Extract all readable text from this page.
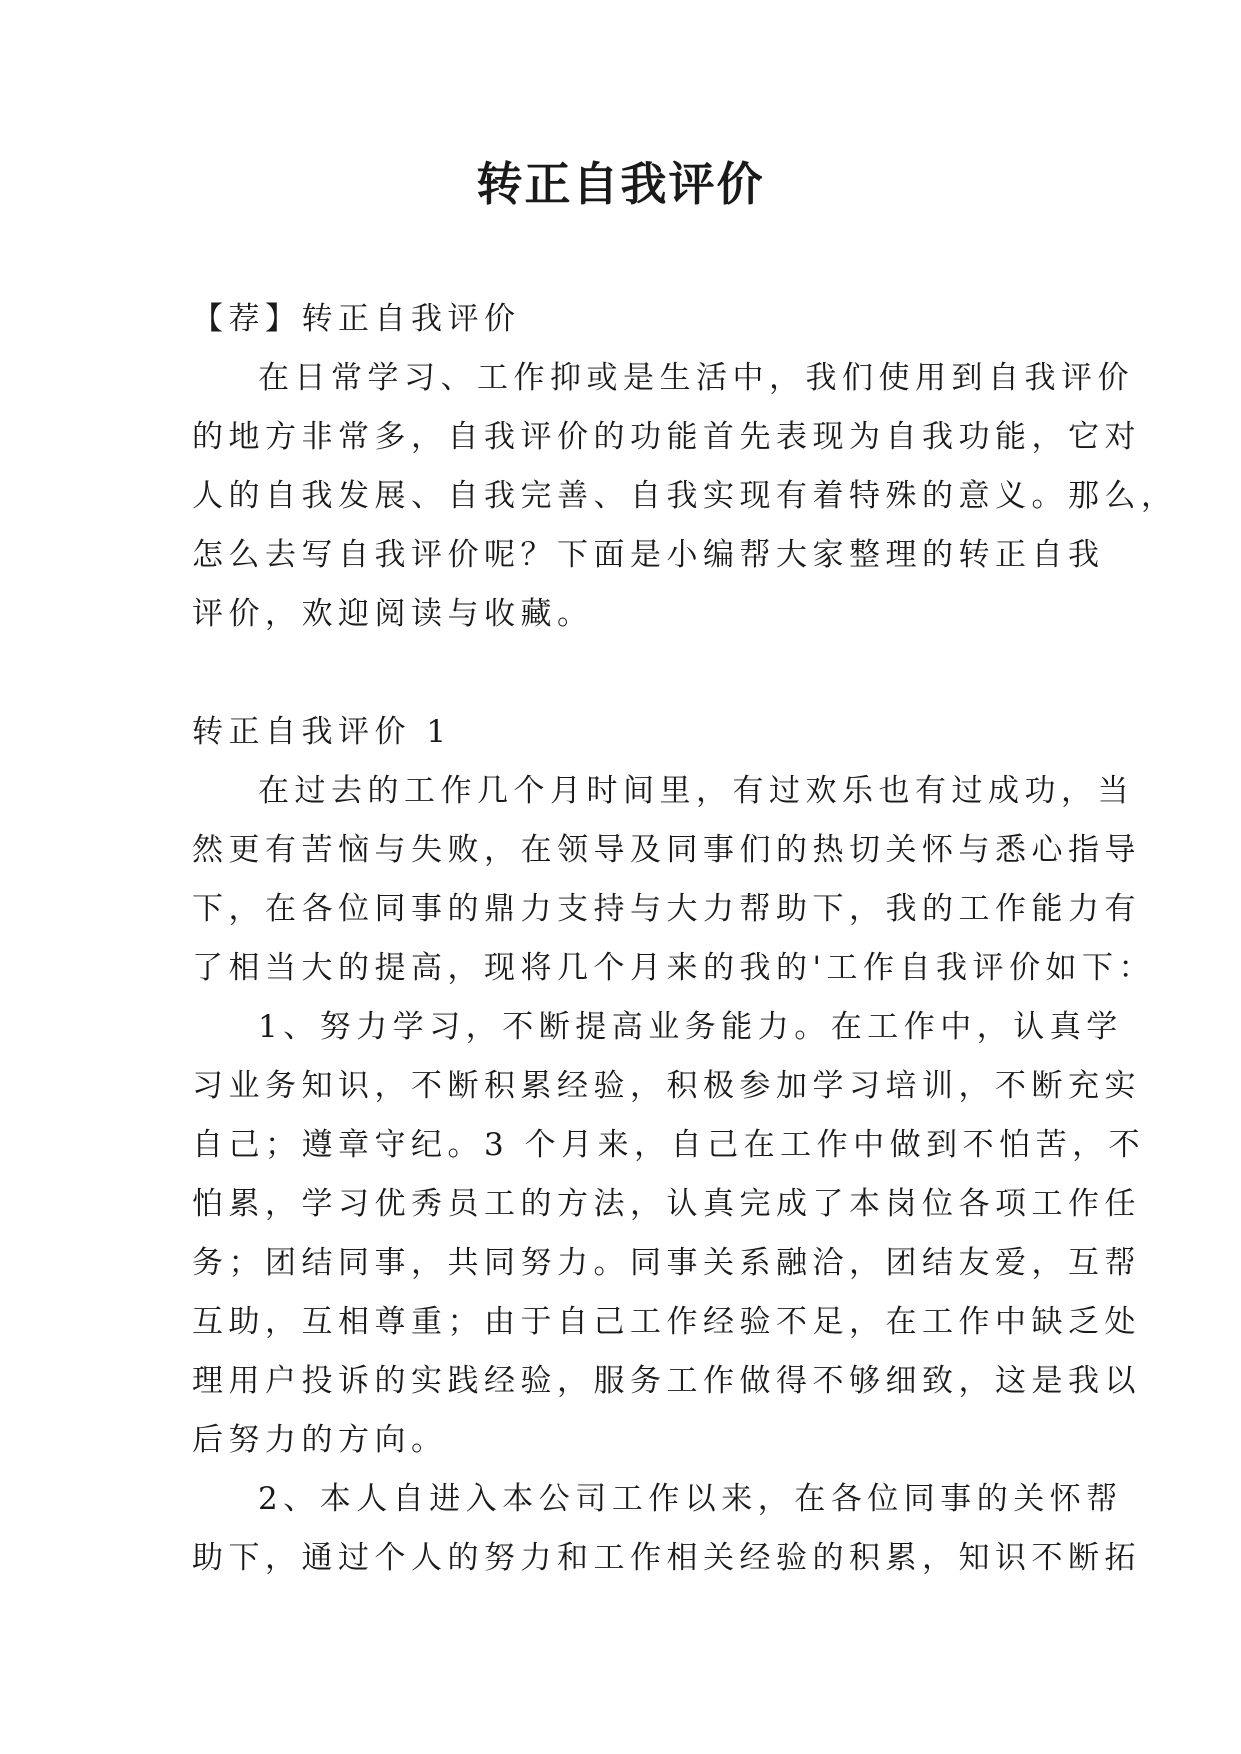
转正自我评价
【荐】转正自我评价
在日常学习、工作抑或是生活中，我们使用到自我评价
的地方非常多，自我评价的功能首先表现为自我功能，它对
人的自我发展、自我完善、自我实现有着特殊的意义。那么，
怎么去写自我评价呢？下面是小编帮大家整理的转正自我
评价，欢迎阅读与收藏。
转正自我评价 1
在过去的工作几个月时间里，有过欢乐也有过成功，当
然更有苦恼与失败，在领导及同事们的热切关怀与悉心指导
下，在各位同事的鼎力支持与大力帮助下，我的工作能力有
了相当大的提高，现将几个月来的我的'工作自我评价如下：
1、努力学习，不断提高业务能力。在工作中，认真学
习业务知识，不断积累经验，积极参加学习培训，不断充实
自己；遵章守纪。3 个月来，自己在工作中做到不怕苦，不
怕累，学习优秀员工的方法，认真完成了本岗位各项工作任
务；团结同事，共同努力。同事关系融洽，团结友爱，互帮
互助，互相尊重；由于自己工作经验不足，在工作中缺乏处
理用户投诉的实践经验，服务工作做得不够细致，这是我以
后努力的方向。
2、本人自进入本公司工作以来，在各位同事的关怀帮
助下，通过个人的努力和工作相关经验的积累，知识不断拓
